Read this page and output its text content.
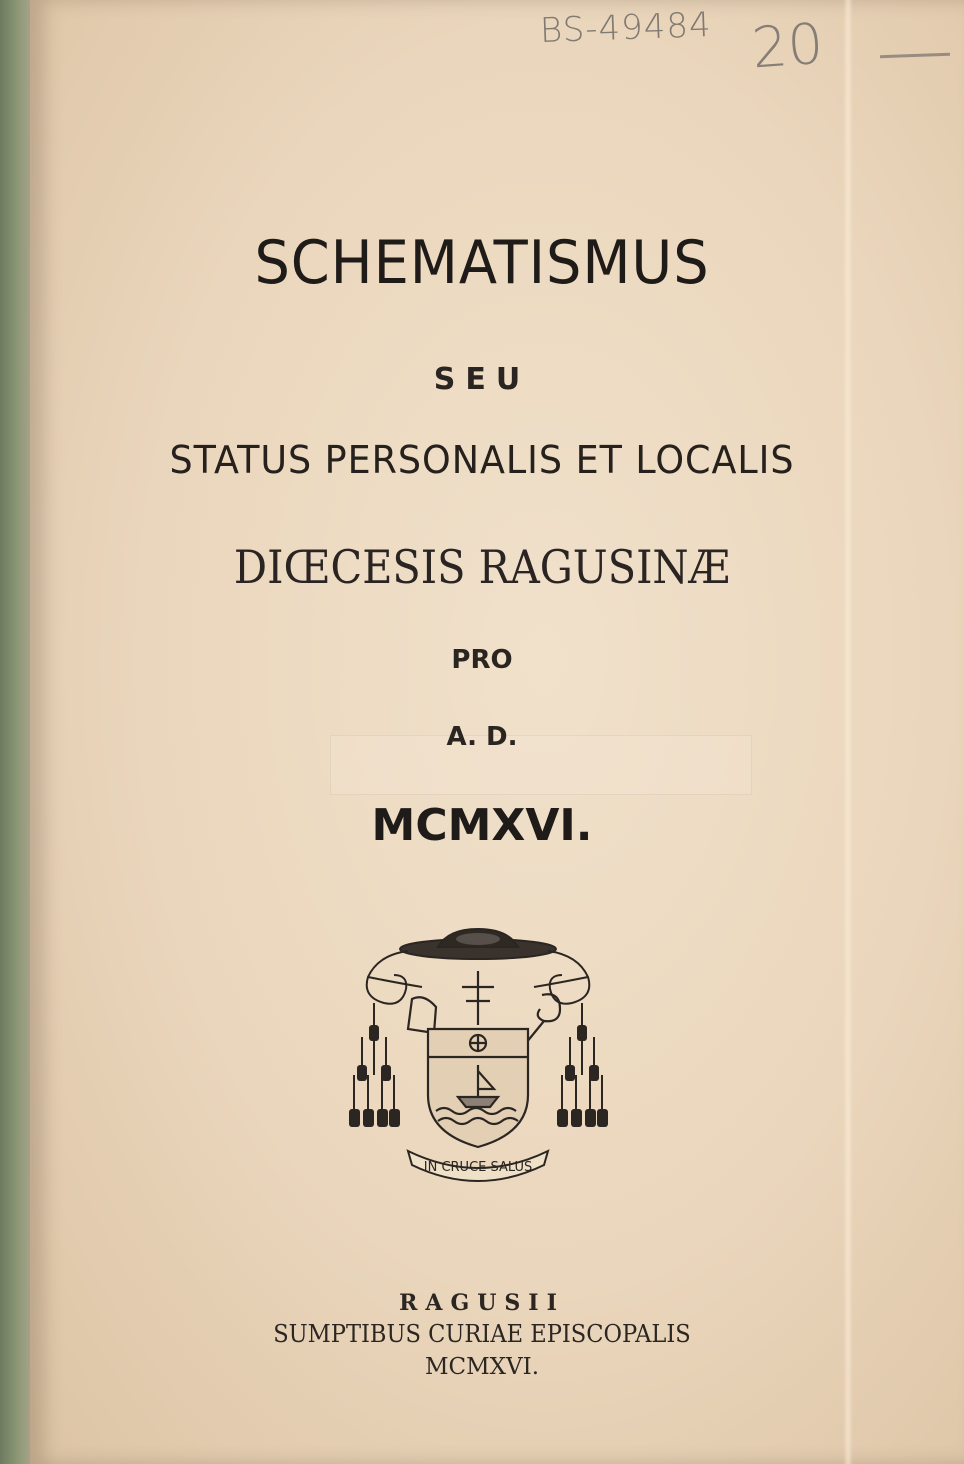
BS-49484 20
SCHEMATISMUS
SEU
STATUS PERSONALIS ET LOCALIS
DIŒCESIS RAGUSINÆ
PRO
A. D.
MCMXVI.
IN CRUCE SALUS
RAGUSII
SUMPTIBUS CURIAE EPISCOPALIS
MCMXVI.
